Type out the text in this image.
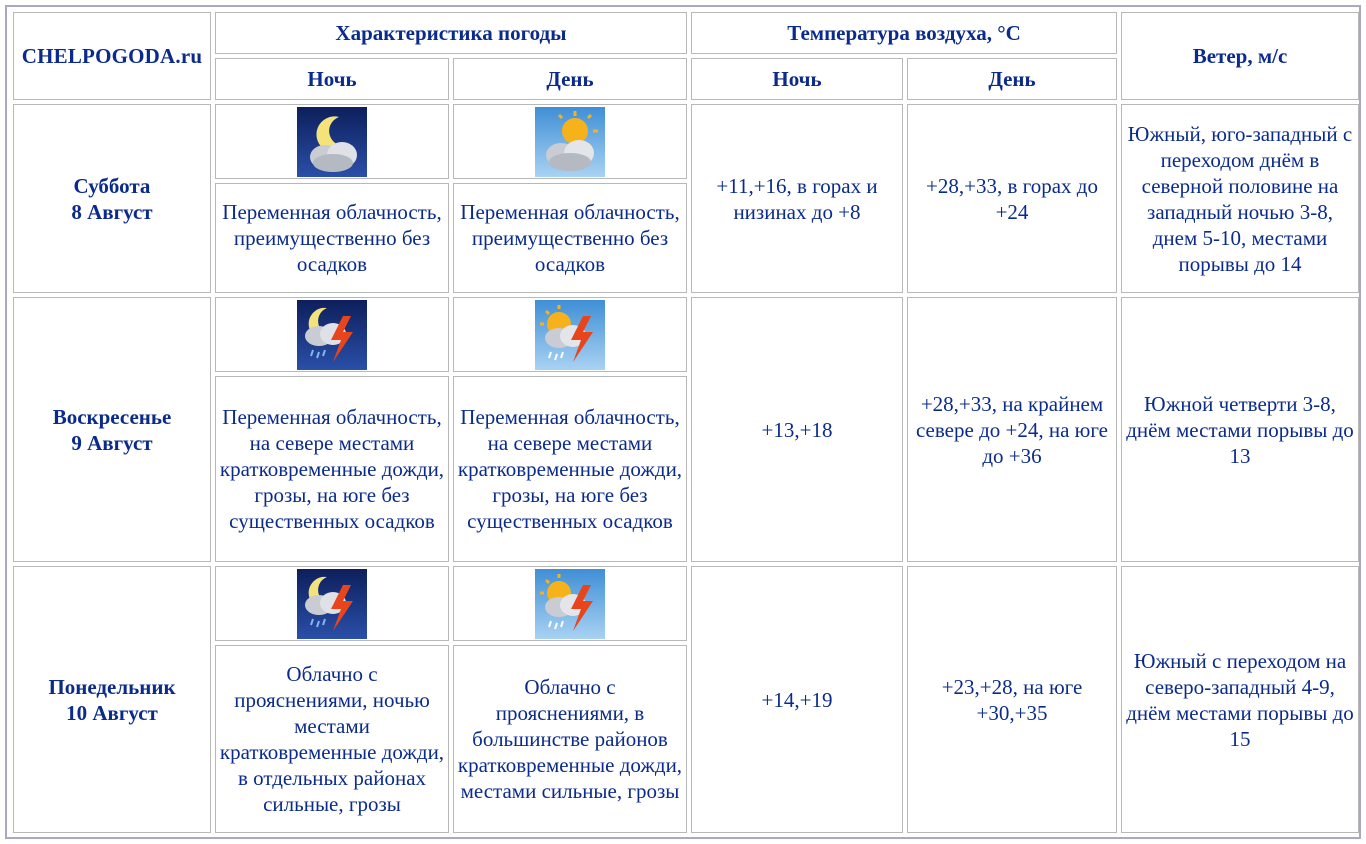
CHELPOGODA.ru	Характеристика погоды		Температура воздуха, °С		Ветер, м/с
	Ночь	День	Ночь	День	

Суббота
8 Август			+11,+16, в горах и низинах до +8	+28,+33, в горах до +24	Южный, юго-западный с переходом днём в северной половине на западный ночью 3-8, днем 5-10, местами порывы до 14
	Переменная облачность, преимущественно без осадков	Переменная облачность, преимущественно без осадков			

Воскресенье
9 Август			+13,+18	+28,+33, на крайнем севере до +24, на юге до +36	Южной четверти 3-8, днём местами порывы до 13
	Переменная облачность, на севере местами кратковременные дожди, грозы, на юге без существенных осадков	Переменная облачность, на севере местами кратковременные дожди, грозы, на юге без существенных осадков			

Понедельник
10 Август			+14,+19	+23,+28, на юге +30,+35	Южный с переходом на северо-западный 4-9, днём местами порывы до 15
	Облачно с прояснениями, ночью местами кратковременные дожди, в отдельных районах сильные, грозы	Облачно с прояснениями, в большинстве районов кратковременные дожди, местами сильные, грозы			
